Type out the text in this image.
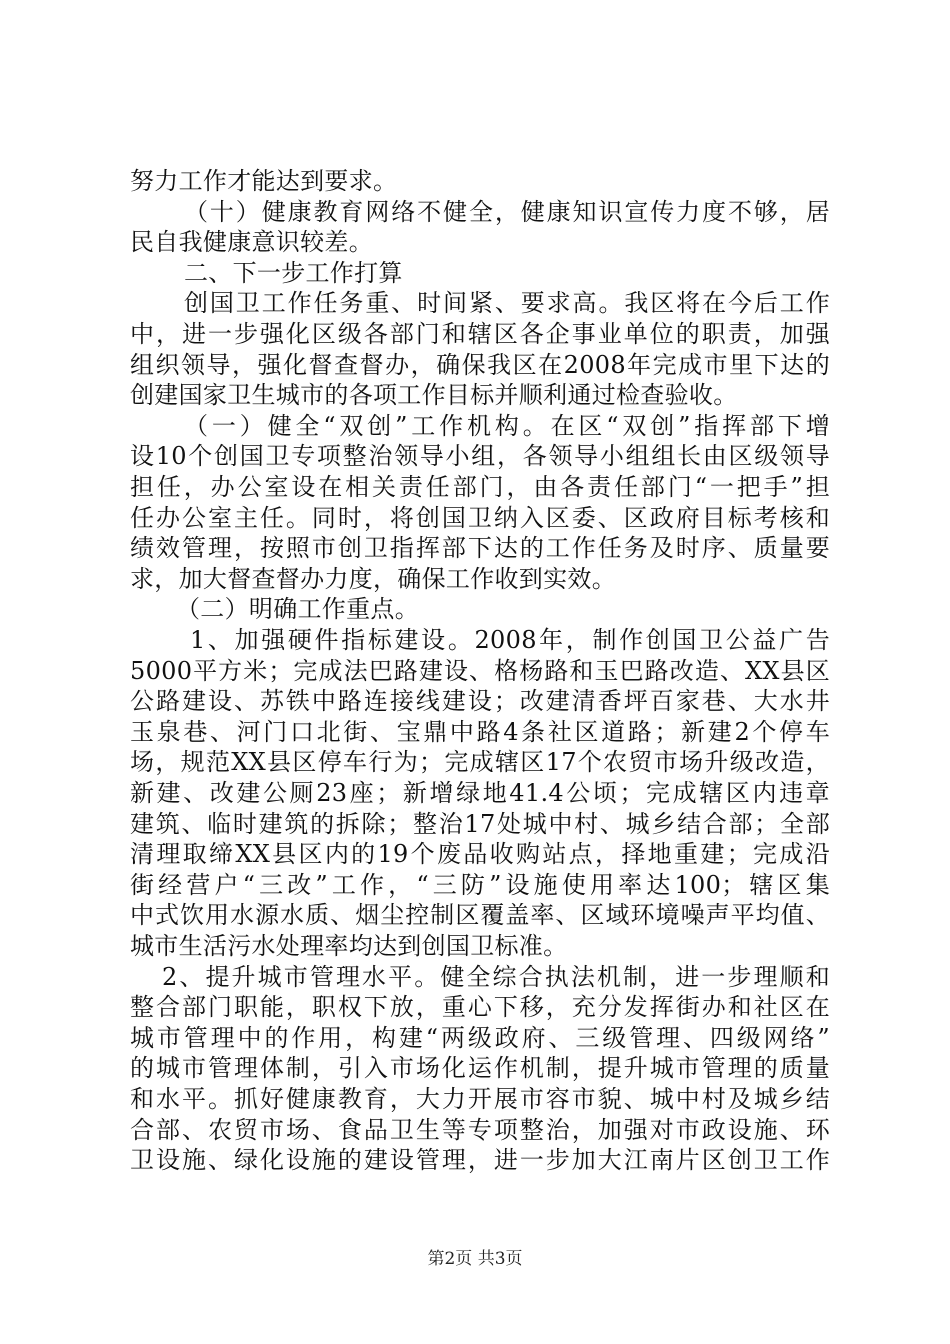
努力工作才能达到要求。
（十）健康教育网络不健全，健康知识宣传力度不够，居
民自我健康意识较差。
二、下一步工作打算
创国卫工作任务重、时间紧、要求高。我区将在今后工作
中，进一步强化区级各部门和辖区各企事业单位的职责，加强
组织领导，强化督查督办，确保我区在2008年完成市里下达的
创建国家卫生城市的各项工作目标并顺利通过检查验收。
（一）健全“双创”工作机构。在区“双创”指挥部下增
设10个创国卫专项整治领导小组，各领导小组组长由区级领导
担任，办公室设在相关责任部门，由各责任部门“一把手”担
任办公室主任。同时，将创国卫纳入区委、区政府目标考核和
绩效管理，按照市创卫指挥部下达的工作任务及时序、质量要
求，加大督查督办力度，确保工作收到实效。
（二）明确工作重点。
1、加强硬件指标建设。2008年，制作创国卫公益广告
5000平方米；完成法巴路建设、格杨路和玉巴路改造、XX县区
公路建设、苏铁中路连接线建设；改建清香坪百家巷、大水井
玉泉巷、河门口北街、宝鼎中路4条社区道路；新建2个停车
场，规范XX县区停车行为；完成辖区17个农贸市场升级改造，
新建、改建公厕23座；新增绿地41.4公顷；完成辖区内违章
建筑、临时建筑的拆除；整治17处城中村、城乡结合部；全部
清理取缔XX县区内的19个废品收购站点，择地重建；完成沿
街经营户“三改”工作，“三防”设施使用率达100；辖区集
中式饮用水源水质、烟尘控制区覆盖率、区域环境噪声平均值、
城市生活污水处理率均达到创国卫标准。
2、提升城市管理水平。健全综合执法机制，进一步理顺和
整合部门职能，职权下放，重心下移，充分发挥街办和社区在
城市管理中的作用，构建“两级政府、三级管理、四级网络”
的城市管理体制，引入市场化运作机制，提升城市管理的质量
和水平。抓好健康教育，大力开展市容市貌、城中村及城乡结
合部、农贸市场、食品卫生等专项整治，加强对市政设施、环
卫设施、绿化设施的建设管理，进一步加大江南片区创卫工作
第2页 共3页
